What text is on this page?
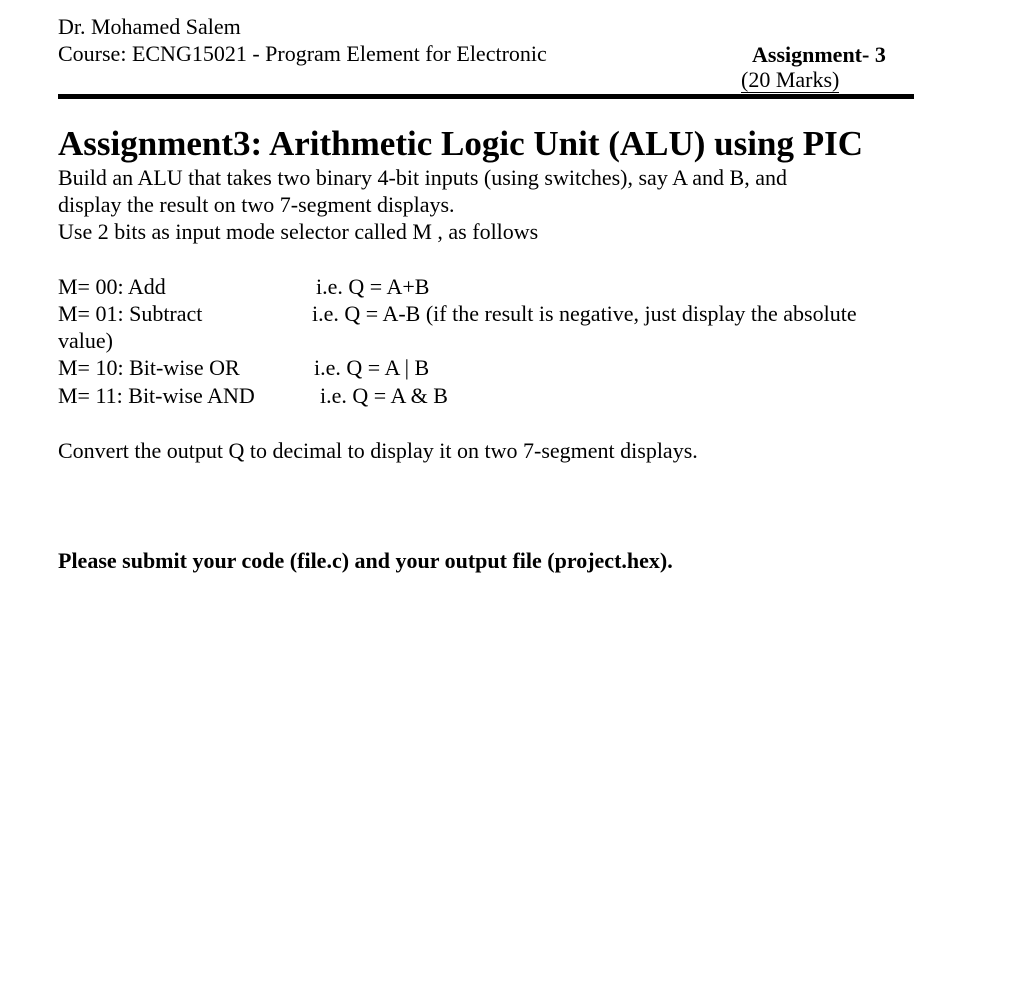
Dr. Mohamed Salem
Course: ECNG15021 - Program Element for Electronic	Assignment- 3
(20 Marks)
Assignment3: Arithmetic Logic Unit (ALU) using PIC
Build an ALU that takes two binary 4-bit inputs (using switches), say A and B, and
display the result on two 7-segment displays.
Use 2 bits as input mode selector called M , as follows
M= 00: Add	i.e. Q = A+B
M= 01: Subtract	i.e. Q = A-B (if the result is negative, just display the absolute
value)
M= 10: Bit-wise OR	i.e. Q = A | B
M= 11: Bit-wise AND	i.e. Q = A & B
Convert the output Q to decimal to display it on two 7-segment displays.
Please submit your code (file.c) and your output file (project.hex).
